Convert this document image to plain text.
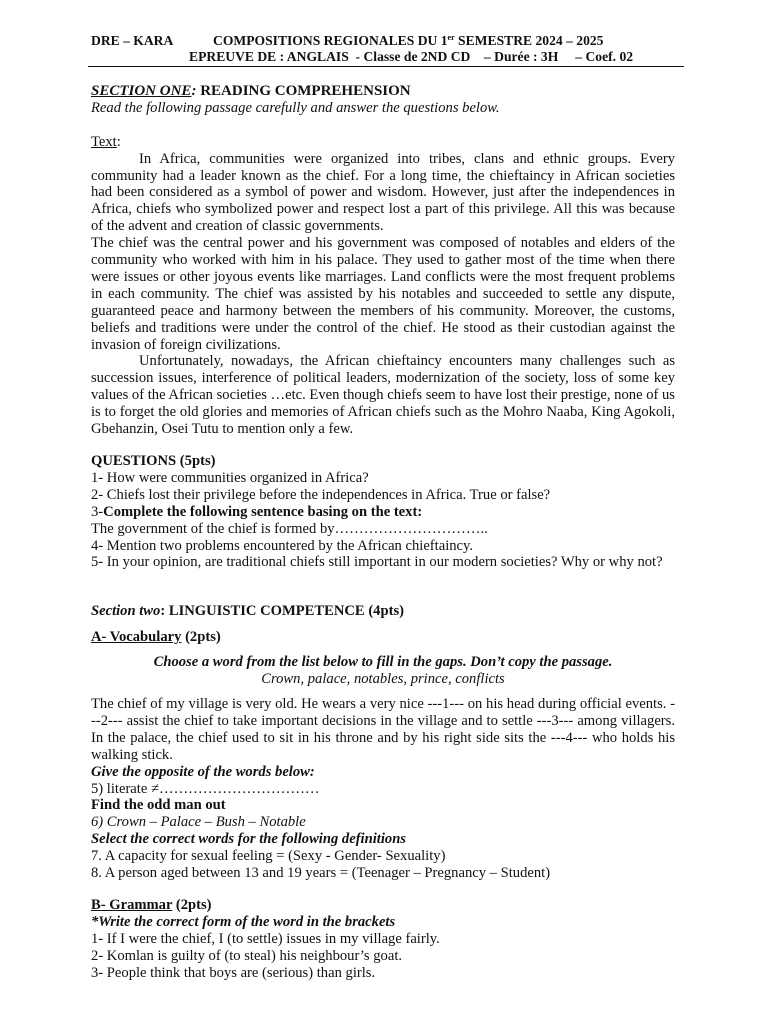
DRE – KARA	COMPOSITIONS REGIONALES DU 1er SEMESTRE 2024 – 2025
EPREUVE DE : ANGLAIS  - Classe de 2ND CD    – Durée : 3H     – Coef. 02

SECTION ONE: READING COMPREHENSION

Read the following passage carefully and answer the questions below.

Text:

In Africa, communities were organized into tribes, clans and ethnic groups. Every community had a leader known as the chief. For a long time, the chieftaincy in African societies had been considered as a symbol of power and wisdom. However, just after the independences in Africa, chiefs who symbolized power and respect lost a part of this privilege. All this was because of the advent and creation of classic governments.

The chief was the central power and his government was composed of notables and elders of the community who worked with him in his palace. They used to gather most of the time when there were issues or other joyous events like marriages. Land conflicts were the most frequent problems in each community. The chief was assisted by his notables and succeeded to settle any dispute, guaranteed peace and harmony between the members of his community. Moreover, the customs, beliefs and traditions were under the control of the chief. He stood as their custodian against the invasion of foreign civilizations.

Unfortunately, nowadays, the African chieftaincy encounters many challenges such as succession issues, interference of political leaders, modernization of the society, loss of some key values of the African societies …etc. Even though chiefs seem to have lost their prestige, none of us is to forget the old glories and memories of African chiefs such as the Mohro Naaba, King Agokoli, Gbehanzin, Osei Tutu to mention only a few.

QUESTIONS (5pts)

1- How were communities organized in Africa?

2- Chiefs lost their privilege before the independences in Africa. True or false?

3-Complete the following sentence basing on the text:

The government of the chief is formed by…………………………..

4- Mention two problems encountered by the African chieftaincy.

5- In your opinion, are traditional chiefs still important in our modern societies? Why or why not?

Section two: LINGUISTIC COMPETENCE (4pts)

A- Vocabulary (2pts)

Choose a word from the list below to fill in the gaps. Don’t copy the passage.

Crown, palace, notables, prince, conflicts

The chief of my village is very old. He wears a very nice ---1--- on his head during official events. ---2--- assist the chief to take important decisions in the village and to settle ---3--- among villagers. In the palace, the chief used to sit in his throne and by his right side sits the ---4--- who holds his walking stick.

Give the opposite of the words below:

5) literate ≠……………………………

Find the odd man out

6) Crown – Palace – Bush – Notable

Select the correct words for the following definitions

7. A capacity for sexual feeling = (Sexy - Gender- Sexuality)

8. A person aged between 13 and 19 years = (Teenager – Pregnancy – Student)

B- Grammar (2pts)

*Write the correct form of the word in the brackets

1- If I were the chief, I (to settle) issues in my village fairly.

2- Komlan is guilty of (to steal) his neighbour’s goat.

3- People think that boys are (serious) than girls.
